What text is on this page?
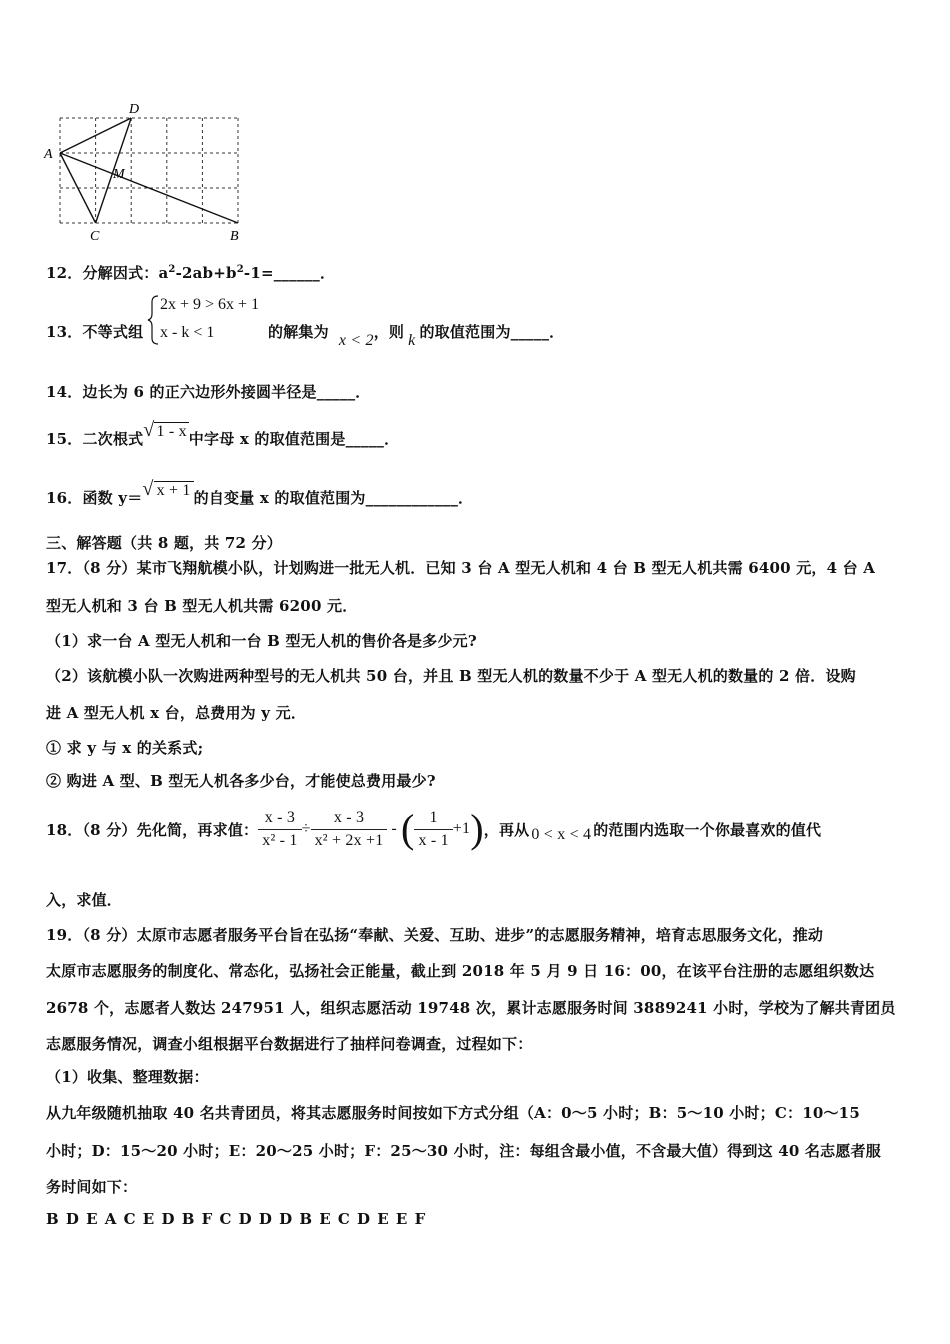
D
A
M
C	B
12．分解因式：$a^2-2ab+b^2-1=\_\_\_\_\_\_$．
13．不等式组
2x + 9 > 6x + 1
x - k < 1	的解集为 x < 2，则 k 的取值范围为_____．
14．边长为 6 的正六边形外接圆半径是_____．
15．二次根式√ 1 - x 中字母 x 的取值范围是_____．
16．函数 y＝√ x + 1 的自变量 x 的取值范围为____________．
三、解答题（共 8 题，共 72 分）
17．（8 分）某市飞翔航模小队，计划购进一批无人机．已知 3 台 A 型无人机和 4 台 B 型无人机共需 6400 元，4 台 A
型无人机和 3 台 B 型无人机共需 6200 元．
（1）求一台 A 型无人机和一台 B 型无人机的售价各是多少元?
（2）该航模小队一次购进两种型号的无人机共 50 台，并且 B 型无人机的数量不少于 A 型无人机的数量的 2 倍．设购
进 A 型无人机 x 台，总费用为 y 元．
① 求 y 与 x 的关系式;
② 购进 A 型、B 型无人机各多少台，才能使总费用最少?
18．（8 分）先化简，再求值： $\frac{x - 3}{\text{x² - 1}} \div \frac{x - 3}{\text{x² + 2x +1}}$ - ( $\frac{1}{x - 1} +1$ ) ，再从 0 < x < 4 的范围内选取一个你最喜欢的值代
入，求值．
19．（8 分）太原市志愿者服务平台旨在弘扬“奉献、关爱、互助、进步”的志愿服务精神，培育志思服务文化，推动
太原市志愿服务的制度化、常态化，弘扬社会正能量，截止到 2018 年 5 月 9 日 16：00，在该平台注册的志愿组织数达
2678 个，志愿者人数达 247951 人，组织志愿活动 19748 次，累计志愿服务时间 3889241 小时，学校为了解共青团员
志愿服务情况，调查小组根据平台数据进行了抽样问卷调查，过程如下：
（1）收集、整理数据：
从九年级随机抽取 40 名共青团员，将其志愿服务时间按如下方式分组（A：0～5 小时；B：5～10 小时；C：10～15
小时；D：15～20 小时；E：20～25 小时；F：25～30 小时，注：每组含最小值，不含最大值）得到这 40 名志愿者服
务时间如下：
B D E A C E D B F C D D D B E C D E E F
